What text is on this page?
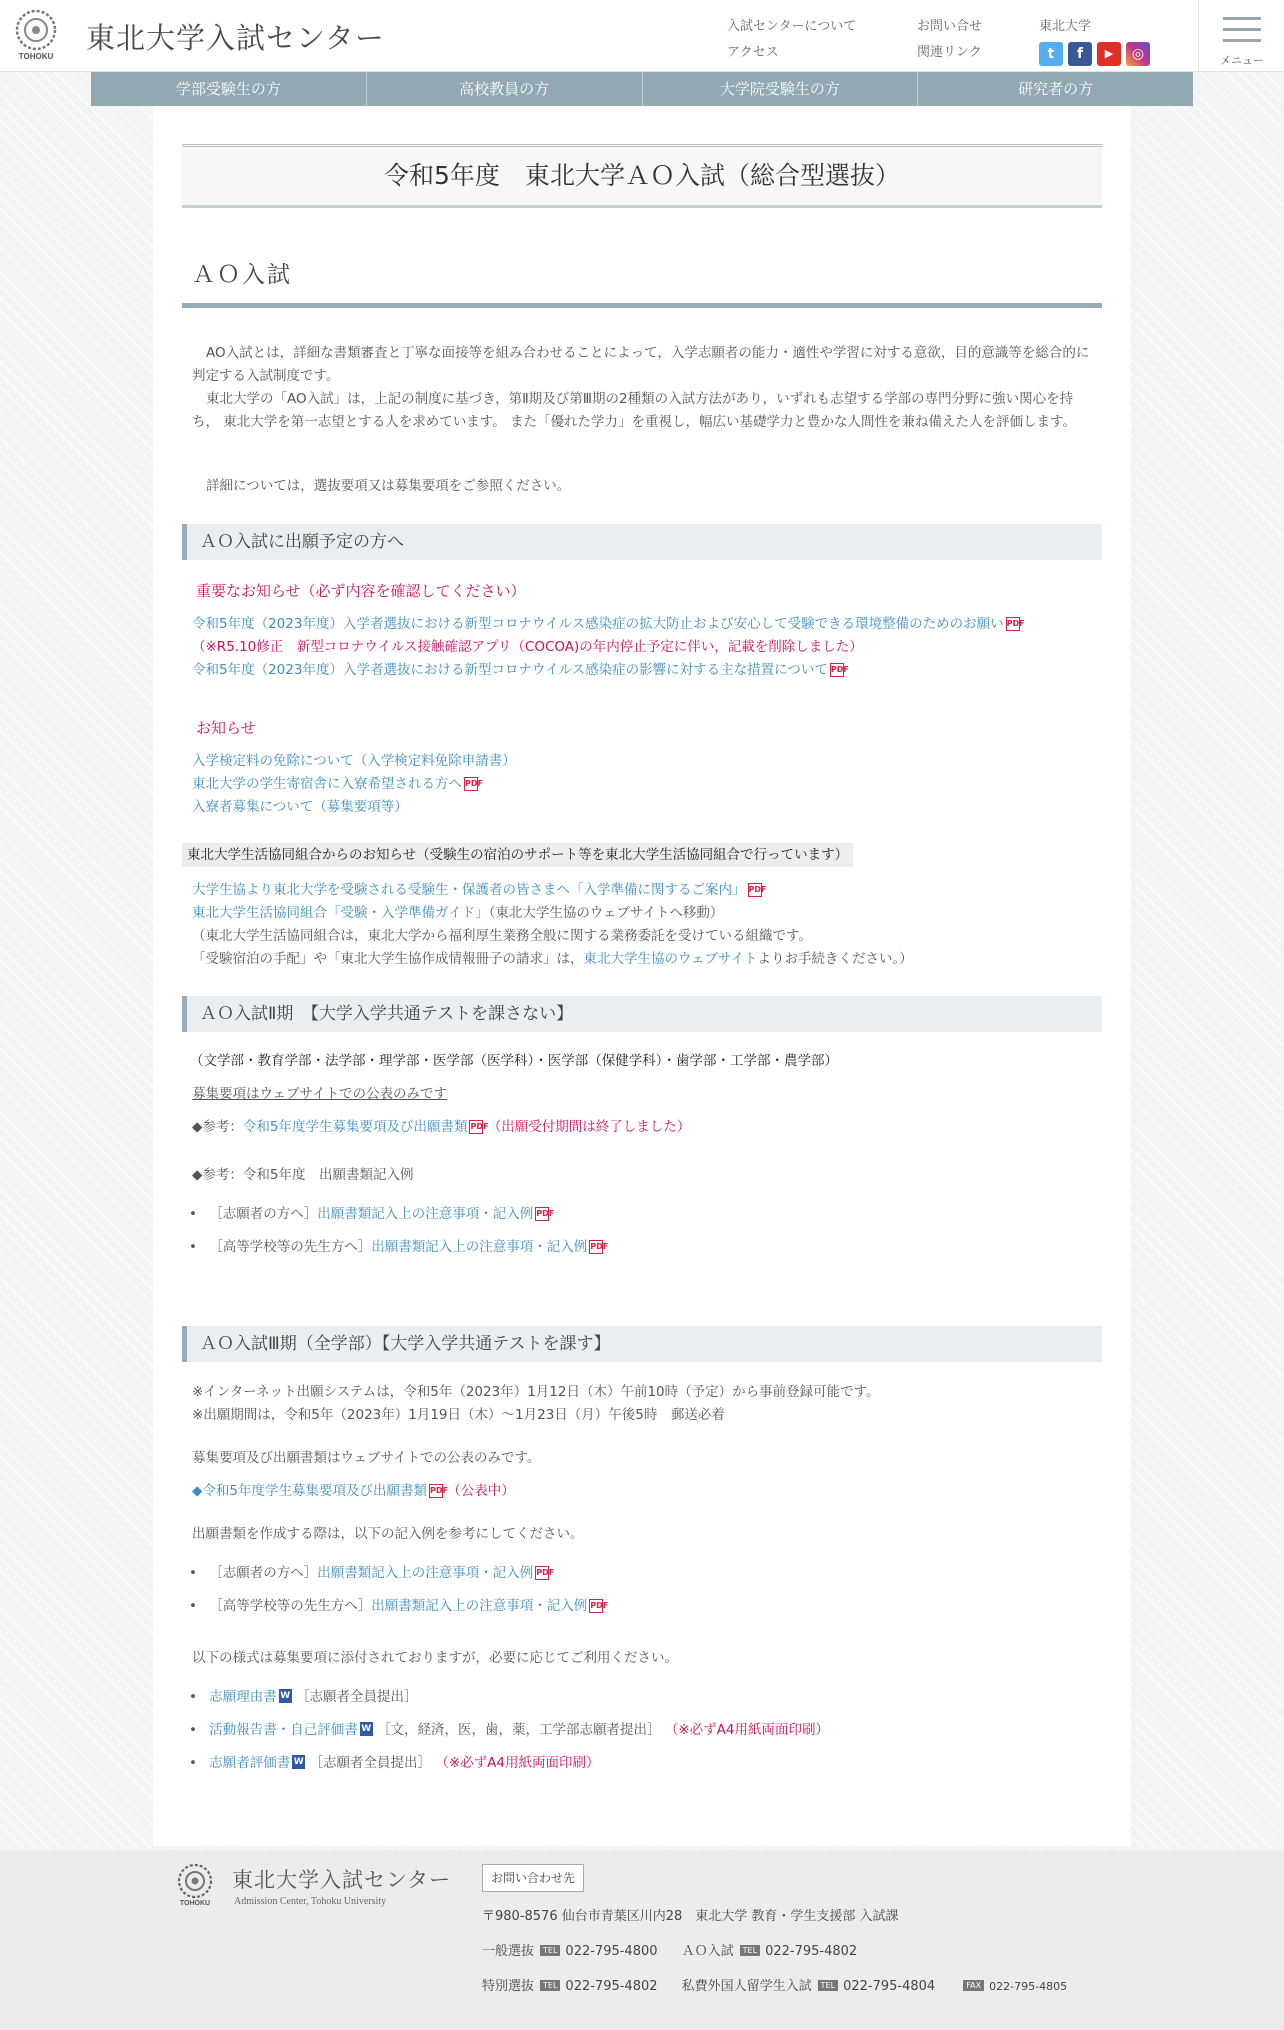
TOHOKU
東北大学入試センター	入試センターについて
アクセス
お問い合せ
関連リンク
東北大学
t	f	▶	◎	メニュー
学部受験生の方	高校教員の方	大学院受験生の方	研究者の方
令和5年度　東北大学ＡＯ入試（総合型選抜）
ＡＯ入試
AO入試とは，詳細な書類審査と丁寧な面接等を組み合わせることによって，入学志願者の能力・適性や学習に対する意欲，目的意識等を総合的に判定する入試制度です。
東北大学の「AO入試」は，上記の制度に基づき，第Ⅱ期及び第Ⅲ期の2種類の入試方法があり，いずれも志望する学部の専門分野に強い関心を持ち， 東北大学を第一志望とする人を求めています。 また「優れた学力」を重視し，幅広い基礎学力と豊かな人間性を兼ね備えた人を評価します。
詳細については，選抜要項又は募集要項をご参照ください。
ＡＯ入試に出願予定の方へ
重要なお知らせ（必ず内容を確認してください）
令和5年度（2023年度）入学者選抜における新型コロナウイルス感染症の拡大防止および安心して受験できる環境整備のためのお願い PDF
（※R5.10修正　新型コロナウイルス接触確認アプリ（COCOA)の年内停止予定に伴い，記載を削除しました）
令和5年度（2023年度）入学者選抜における新型コロナウイルス感染症の影響に対する主な措置について PDF
お知らせ
入学検定料の免除について（入学検定料免除申請書）
東北大学の学生寄宿舎に入寮希望される方へ PDF
入寮者募集について（募集要項等）
東北大学生活協同組合からのお知らせ（受験生の宿泊のサポート等を東北大学生活協同組合で行っています）
大学生協より東北大学を受験される受験生・保護者の皆さまへ「入学準備に関するご案内」 PDF
東北大学生活協同組合「受験・入学準備ガイド」（東北大学生協のウェブサイトへ移動）
（東北大学生活協同組合は，東北大学から福利厚生業務全般に関する業務委託を受けている組織です。
「受験宿泊の手配」や「東北大学生協作成情報冊子の請求」は，東北大学生協のウェブサイトよりお手続きください。）
ＡＯ入試Ⅱ期　【大学入学共通テストを課さない】
（文学部・教育学部・法学部・理学部・医学部（医学科）・医学部（保健学科）・歯学部・工学部・農学部）
募集要項はウェブサイトでの公表のみです
◆参考：令和5年度学生募集要項及び出願書類 PDF （出願受付期間は終了しました）
◆参考：令和5年度　出願書類記入例
• ［志願者の方へ］出願書類記入上の注意事項・記入例 PDF
• ［高等学校等の先生方へ］出願書類記入上の注意事項・記入例 PDF
ＡＯ入試Ⅲ期（全学部）【大学入学共通テストを課す】
※インターネット出願システムは，令和5年（2023年）1月12日（木）午前10時（予定）から事前登録可能です。
※出願期間は，令和5年（2023年）1月19日（木）～1月23日（月）午後5時　郵送必着
募集要項及び出願書類はウェブサイトでの公表のみです。
◆令和5年度学生募集要項及び出願書類 PDF （公表中）
出願書類を作成する際は，以下の記入例を参考にしてください。
• ［志願者の方へ］出願書類記入上の注意事項・記入例 PDF
• ［高等学校等の先生方へ］出願書類記入上の注意事項・記入例 PDF
以下の様式は募集要項に添付されておりますが，必要に応じてご利用ください。
• 志願理由書 W ［志願者全員提出］
• 活動報告書・自己評価書 W ［文，経済，医，歯，薬，工学部志願者提出］ （※必ずA4用紙両面印刷）
• 志願者評価書 W ［志願者全員提出］ （※必ずA4用紙両面印刷）
TOHOKU
東北大学入試センター
Admission Center, Tohoku University
お問い合わせ先
〒980-8576 仙台市青葉区川内28　東北大学 教育・学生支援部 入試課
一般選抜 TEL 022-795-4800 ＡＯ入試 TEL 022-795-4802
特別選抜 TEL 022-795-4802 私費外国人留学生入試 TEL 022-795-4804	FAX 022-795-4805
